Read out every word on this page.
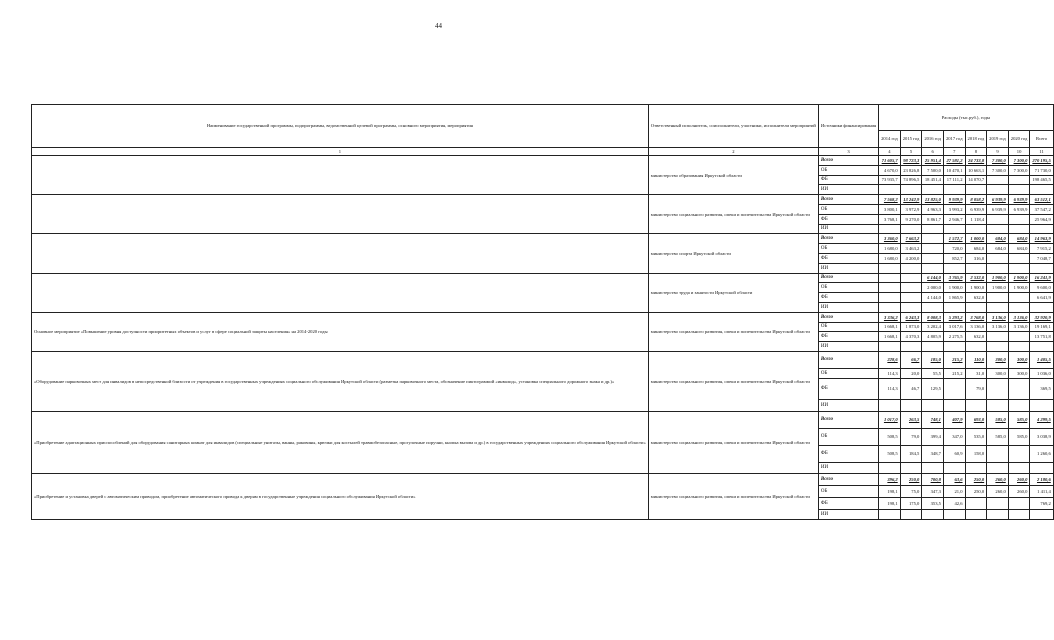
44
Наименование государственной программы, подпрограммы, ведомственной целевой программы, основного мероприятия, мероприятия	Ответственный исполнитель, соисполнители, участники, исполнители мероприятий	Источники финансирования	Расходы (тыс.руб.), годы							
			2014 год	2015 год	2016 год	2017 год	2018 год	2019 год	2020 год	Всего
1	2	3	4	5	6	7	8	9	10	11
	министерство образования Иркутской области	Всего	71 605,7	98 723,3	25 951,4	27 581,2	24 733,8	7 300,0	7 300,0	270 195,5
		ОБ	4 670,0	23 826,8	7 500,0	10 470,1	10 663,1	7 300,0	7 300,0	71 730,0
		ФБ	73 935,7	74 896,5	18 451,4	17 111,2	14 070,7			198 465,5
		ИИ								
	министерство социального развития, опеки и попечительства Иркутской области	Всего	7 568,2	13 242,9	13 825,0	9 939,9	8 058,2	6 939,9	6 939,9	63 512,1
		ОБ	3 800,1	3 972,9	4 963,3	3 993,2	6 939,9	6 939,9	6 939,9	37 547,2
		ФБ	3 768,1	9 270,0	8 861,7	2 946,7	1 118,4			25 964,9
		ИИ								
	министерство спорта Иркутской области	Всего	3 360,0	7 663,2		1 572,7	1 000,0	684,0	684,0	14 963,9
		ОБ	1 680,0	3 463,2		720,0	684,0	684,0	684,0	7 915,2
		ФБ	1 680,0	4 200,0		852,7	316,0			7 048,7
		ИИ								
	министерство труда и занятости Иркутской области	Всего			6 144,0	3 765,9	2 532,0	1 900,0	1 900,0	16 241,9
		ОБ			2 000,0	1 900,0	1 900,0	1 900,0	1 900,0	9 600,0
		ФБ			4 144,0	1 865,9	632,0			6 641,9
		ИИ								
Основное мероприятие «Повышение уровня доступности приоритетных объектов и услуг в сфере социальной защиты населения» на 2014-2020 годы	министерство социального развития, опеки и попечительства Иркутской области	Всего	3 336,2	6 243,3	8 008,3	5 293,2	3 768,0	3 136,0	3 136,0	32 920,9
		ОБ	1 668,1	1 873,0	3 202,4	3 017,6	3 136,0	3 136,0	3 136,0	19 169,1
		ФБ	1 668,1	4 370,3	4 805,9	2 275,5	632,0			13 751,8
		ИИ								
«Оборудование парковочных мест для инвалидов в непосредственной близости от учреждения в государственных учреждениях социального обслуживания Иркутской области (разметка парковочного места, обозначение пиктограммой «инвалид», установка специального дорожного знака и др.)»	министерство социального развития, опеки и попечительства Иркутской области	Всего	228,6	66,7	185,0	215,2	110,0	300,0	300,0	1 405,5
		ОБ	114,3	20,0	55,5	215,2	31,0	300,0	300,0	1 036,0
		ФБ	114,3	46,7	129,5		79,0			369,5
		ИИ								
«Приобретение адаптационных приспособлений для оборудования санитарных комнат для инвалидов (специальные унитазы, ванны, раковины, крючки для костылей травмобезопасные, прогулочные поручни, кнопка вызова и др.) в государственных учреждениях социального обслуживания Иркутской области»	министерство социального развития, опеки и попечительства Иркутской области	Всего	1 017,0	263,5	748,1	407,9	693,0	585,0	585,0	4 299,5
		ОБ	508,5	79,0	399,4	347,0	535,0	585,0	585,0	3 038,9
		ФБ	508,5	184,5	348,7	60,9	158,0			1 260,6
		ИИ								
«Приобретение и установка дверей с автоматическим приводом, приобретение автоматического привода к дверям в государственные учреждения социального обслуживания Иркутской области»	министерство социального развития, опеки и попечительства Иркутской области	Всего	396,2	250,0	700,8	63,6	250,0	260,0	260,0	2 180,6
		ОБ	198,1	75,0	347,3	21,0	250,0	260,0	260,0	1 411,4
		ФБ	198,1	175,0	353,5	42,6				769,2
		ИИ								
